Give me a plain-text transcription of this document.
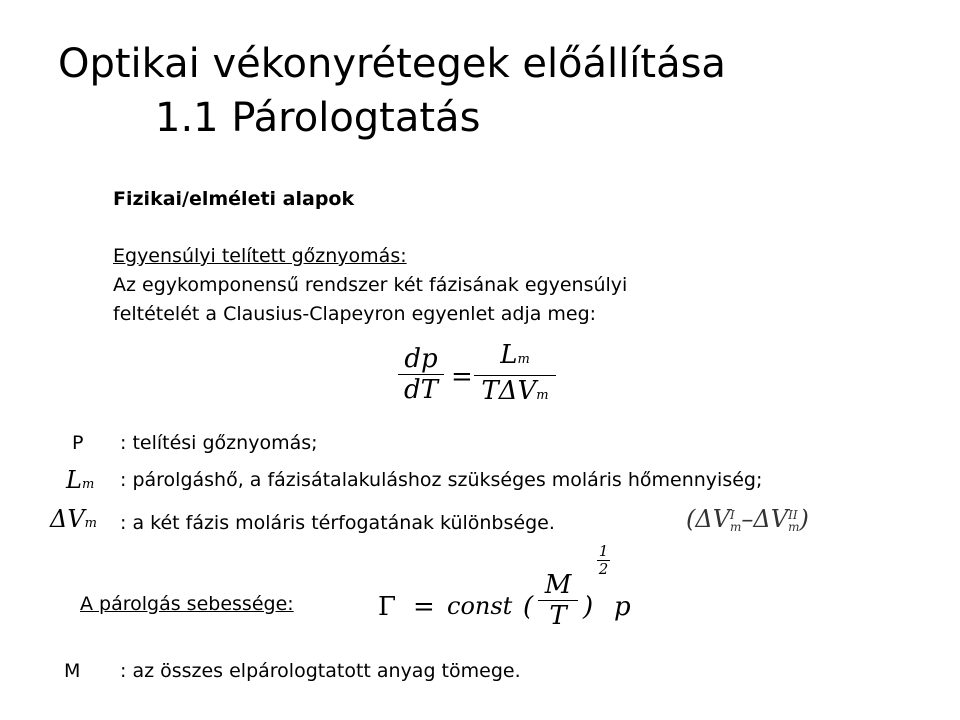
Optikai vékonyrétegek előállítása
1.1 Párologtatás
Fizikai/elméleti alapok
Egyensúlyi telített gőznyomás:
Az egykomponensű rendszer két fázisának egyensúlyi
feltételét a Clausius-Clapeyron egyenlet adja meg:
dp
dT =
Lm
TΔVm
P : telítési gőznyomás;
Lm : párolgáshő, a fázisátalakuláshoz szükséges moláris hőmennyiség;
ΔVm : a két fázis moláris térfogatának különbsége.	(ΔV I
m –ΔV II
m )
A párolgás sebessége:	Γ = const (
M
T )
1
2
p
M : az összes elpárologtatott anyag tömege.
